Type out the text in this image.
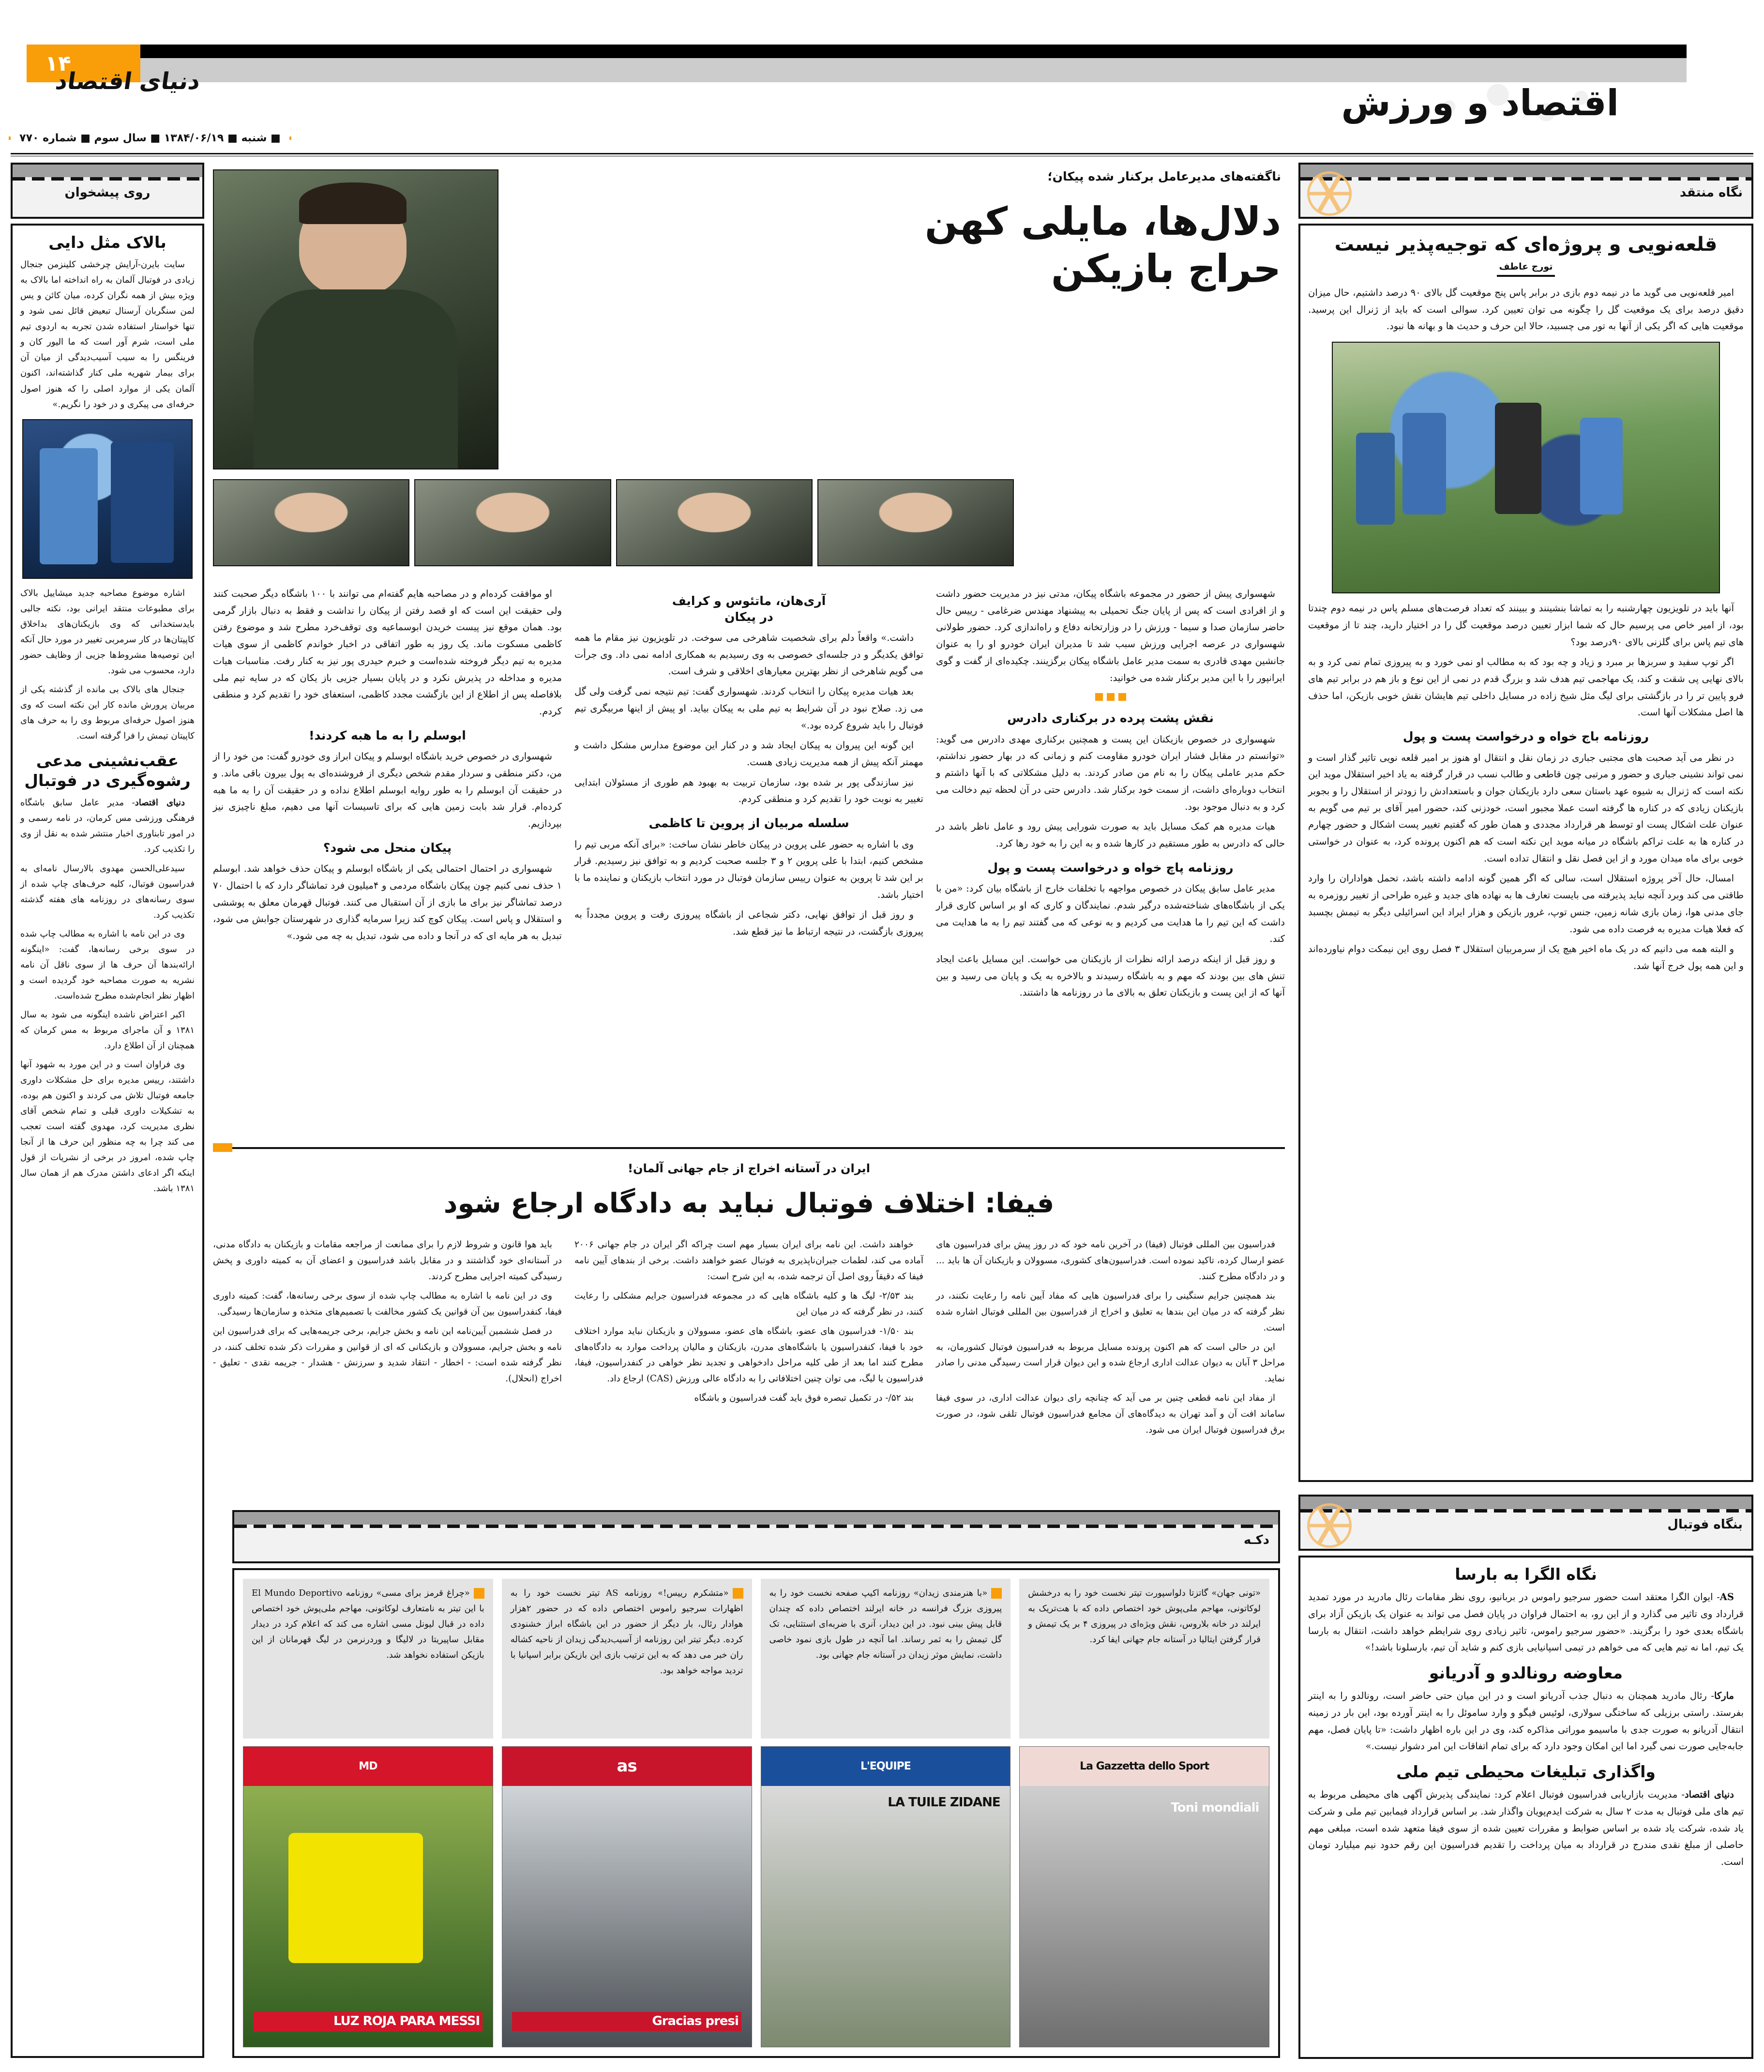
۱۴
دنیای اقتصاد
اقتصاد و ورزش
■ شنبه ■ ۱۳۸۴/۰۶/۱۹ ■ سال سوم ■ شماره ۷۷۰
نگاه منتقد
قلعه‌نویی و پروژه‌ای که توجیه‌پذیر نیست
تورج عاطف

امیر قلعه‌نویی می گوید ما در نیمه دوم بازی در برابر پاس پنج موقعیت گل بالای ۹۰ درصد داشتیم، حال میزان دقیق درصد برای یک موقعیت گل را چگونه می توان تعیین کرد. سوالی است که باید از ژنرال این پرسید. موقعیت هایی که اگر یکی از آنها به تور می چسبید، حالا این حرف و حدیث ها و بهانه ها نبود.

آنها باید در تلویزیون چهارشنبه را به تماشا بنشینند و ببینند که تعداد فرصت‌های مسلم پاس در نیمه دوم چندتا بود، از امیر خاص می پرسیم حال که شما ابزار تعیین درصد موقعیت گل را در اختیار دارید، چند تا از موقعیت های تیم پاس برای گلزنی بالای ۹۰درصد بود؟

اگر توپ سفید و سربزها بر مبرد و زیاد و چه بود که به مطالب او نمی خورد و به پیروزی تمام نمی کرد و به بالای نهایی پی شقت و کند، یک مهاجمی تیم هدف شد و بزرگ قدم در نمی از این نوع و باز هم در برابر تیم های فرو پایین تر را در بازگشتی برای لیگ مثل شیخ زاده در مسایل داخلی تیم هایشان نقش خوبی بازیکن، اما حذف ها اصل مشکلات آنها است.

روزنامه باج خواه و درخواست پست و پول

در نظر می آید صحبت های مجتبی جباری در زمان نقل و انتقال او هنوز بر امیر قلعه نویی تاثیر گذار است و نمی تواند نشینی جباری و حضور و مرتبی چون قاطعی و طالب نسب در قرار گرفته به یاد اخیر استقلال موید این نکته است که ژنرال به شیوه عهد باستان سعی دارد بازیکنان جوان و باستعدادش را زودتر از استقلال را و بجوبر بازیکنان زیادی که در کناره ها گرفته است عملا مجبور است، خودزنی کند، حضور امیر آقای بر تیم می گویم به عنوان علت اشکال پست او توسط هر قرارداد مجددی و همان طور که گفتیم تغییر پست اشکال و حضور چهارم در کناره ها به علت تراکم باشگاه در میانه موید این نکته است که هم اکنون پرونده کرد، به عنوان در خواستی خوبی برای ماه میدان مورد و از این فصل نقل و انتقال تداده است.

امسال، حال آخر پروژه استقلال است، سالی که اگر همین گونه ادامه داشته باشد، تحمل هواداران را وارد طاقتی می کند وبرد آنچه نباید پذیرفته می بایست تعارف ها به نهاده های جدید و غیره طراحی از تغییر روزمره به جای مدنی هوا، زمان بازی شانه زمین، جنس توپ، غرور بازیکن و هزار ایراد این اسرائیلی دیگر به تیمش بچسبد که فعلا هیات مدیره به فرصت داده می شود.

و البته همه می دانیم که در یک ماه اخیر هیچ یک از سرمربیان استقلال ۳ فصل روی این نیمکت دوام نیاورده‌اند و این همه پول خرج آنها شد.

بنگاه فوتبال
نگاه الگرا به بارسا

AS- ایوان الگرا معتقد است حضور سرجیو راموس در بربانیو، روی نظر مقامات رئال مادرید در مورد تمدید قرارداد وی تاثیر می گذارد و از این رو، به احتمال فراوان در پایان فصل می تواند به عنوان یک بازیکن آزاد برای باشگاه بعدی خود را برگزیند. «حضور سرجیو راموس، تاثیر زیادی روی شرایطم خواهد داشت، انتقال به بارسا یک تیم، اما نه تیم هایی که می خواهم در تیمی اسپانیایی بازی کنم و شاید آن تیم، بارسلونا باشد!»

معاوضه رونالدو و آدریانو

مارکا- رئال مادرید همچنان به دنبال جذب آدریانو است و در این میان حتی حاضر است، رونالدو را به اینتر بفرستد. راستی برزیلی که ساختگی سولاری، لوئیس فیگو و وارد ساموئل را به اینتر آورده بود، این بار در زمینه انتقال آدریانو به صورت جدی با ماسیمو موراتی مذاکره کند، وی در این باره اظهار داشت: «تا پایان فصل، مهم جابه‌جایی صورت نمی گیرد اما این امکان وجود دارد که برای تمام اتفاقات این امر دشوار نیست.»

واگذاری تبلیغات محیطی تیم ملی

دنیای اقتصاد- مدیریت بازاریابی فدراسیون فوتبال اعلام کرد: نمایندگی پذیرش آگهی های محیطی مربوط به تیم های ملی فوتبال به مدت ۲ سال به شرکت ایدم‌پویان واگذار شد. بر اساس قرارداد فیمابین تیم ملی و شرکت یاد شده، شرکت یاد شده بر اساس ضوابط و مقررات تعیین شده از سوی فیفا متعهد شده است، مبلغی مهم حاصلی از مبلغ نقدی مندرج در قرارداد به میان پرداخت را تقدیم فدراسیون این رقم حدود نیم میلیارد تومان است.

روی پیشخوان
بالاک مثل دایی

سایت بایرن-آرایش چرخشی کلینزمن جنجال زیادی در فوتبال آلمان به راه انداخته اما بالاک به ویژه بیش از همه نگران کرده، میان کائن و یس لمن سنگربان آرسنال تبعیض قائل نمی شود و تنها خواستار استفاده شدن تجربه به اردوی تیم ملی است، شرم آور است که ما الیور کان و فرینگس را به سیب آسیب‌دیدگی از میان آن برای بیمار شهریه ملی کنار گذاشته‌اند، اکنون آلمان یکی از موارد اصلی را که هنوز اصول حرفه‌ای می پیکری و در خود را نگریم.»

اشاره موضوع مصاحبه جدید میشاییل بالاک برای مطبوعات منتقد ایرانی بود، نکته جالبی بایدستخدانی که وی بازیکنان‌های بداخلاق کاپیتان‌ها در کار سرمربی تغییر در مورد حال آنکه این توصیه‌ها مشروط‌ها جزیی از وظایف حضور دارد، محسوب می شود.

جنجال های بالاک بی مانده از گذشته یکی از مربیان پرورش مانده کار این نکته است که وی هنوز اصول حرفه‌ای مربوط وی را به حرف های کاپیتان تیمش را فرا گرفته است.

عقب‌نشینی مدعی رشوه‌گیری در فوتبال

دنیای اقتصاد- مدیر عامل سابق باشگاه فرهنگی ورزشی مس کرمان، در نامه رسمی و در امور تابناوری اخبار منتشر شده به نقل از وی را تکذیب کرد.

سیدعلی‌الحسن مهدوی بالارسال نامه‌ای به فدراسیون فوتبال، کلیه حرف‌های چاپ شده از سوی رسانه‌های در روزنامه های هفته گذشته تکذیب کرد.

وی در این نامه با اشاره به مطالب چاپ شده در سوی برخی رسانه‌ها، گفت: «اینگونه ارائه‌بندها آن حرف ها از سوی ناقل آن نامه نشریه به صورت مصاحبه خود گردیده است و اظهار نظر انجام‌شده مطرح شده‌است.

اکبر اعتراض ناشده اینگونه می شود به سال ۱۳۸۱ و آن ماجرای مربوط به مس کرمان که همچنان از آن اطلاع دارد.

وی فراوان است و در این مورد به شهود آنها داشتند، رییس مدیره برای حل مشکلات داوری جامعه فوتبال تلاش می کردند و اکنون هم بوده، به تشکیلات داوری قبلی و تمام شخص آقای نظری مدیریت کرد، مهدوی گفته است تعجب می کند چرا به چه منظور این حرف ها از آنجا چاپ شده، امروز در برخی از نشریات از قول اینکه اگر ادعای داشتن مدرک هم از همان سال ۱۳۸۱ باشد.

ناگفته‌های مدیرعامل برکنار شده پیکان؛
دلال‌ها، مایلی کهن
حراج بازیکن

شهسواری پیش از حضور در مجموعه باشگاه پیکان، مدتی نیز در مدیریت حضور داشت و از افرادی است که پس از پایان جنگ تحمیلی به پیشنهاد مهندس ضرغامی - رییس حال حاضر سازمان صدا و سیما - ورزش را در وزارتخانه دفاع و راه‌اندازی کرد. حضور طولانی شهسواری در عرصه اجرایی ورزش سبب شد تا مدیران ایران خودرو او را به عنوان جانشین مهدی قادری به سمت مدیر عامل باشگاه پیکان برگزینند. چکیده‌ای از گفت و گوی ایرانپور را با این مدیر برکنار شده می خوانید:

نقش پشت پرده در برکناری دادرس

شهسواری در خصوص بازیکنان این پست و همچنین برکناری مهدی دادرس می گوید: «توانستم در مقابل فشار ایران خودرو مقاومت کنم و زمانی که در بهار حضور نداشتم، حکم مدیر عاملی پیکان را به نام من صادر کردند. به دلیل مشکلاتی که با آنها داشتم و انتخاب دوباره‌ای داشت، از سمت خود برکنار شد. دادرس حتی در آن لحظه تیم دخالت می کرد و به دنبال موجود بود.

هیات مدیره هم کمک مسایل باید به صورت شورایی پیش رود و عامل ناظر باشد در حالی که دادرس به طور مستقیم در کارها شده و به این را به خود رها کرد.

روزنامه پاچ خواه و درخواست پست و پول

مدیر عامل سابق پیکان در خصوص مواجهه با تخلفات خارج از باشگاه بیان کرد: «من با یکی از باشگاه‌های شناخته‌شده درگیر شدم. نمایندگان و کاری که او بر اساس کاری قرار داشت که این تیم را ما هدایت می کردیم و به نوعی که می گفتند تیم را به ما هدایت می کند.

و روز قبل از اینکه درصد ارائه نظرات از بازیکنان می خواست. این مسایل باعث ایجاد تنش های بین بودند که مهم و به باشگاه رسیدند و بالاخره به یک و پایان می رسید و بین آنها که از این پست و بازیکنان تعلق به بالای ما در روزنامه ها داشتند.

آری‌هان، ماتئوس و کرایف
در پیکان

داشت.» واقعاً دلم برای شخصیت شاهرخی می سوخت. در تلویزیون نیز مقام ما همه توافق یکدیگر و در جلسه‌ای خصوصی به وی رسیدیم به همکاری ادامه نمی داد. وی جرأت می گویم شاهرخی از نظر بهترین معیارهای اخلاقی و شرف است.

بعد هیات مدیره پیکان را انتخاب کردند. شهسواری گفت: تیم نتیجه نمی گرفت ولی گل می زد. صلاح نبود در آن شرایط به تیم ملی به پیکان بیاید. او پیش از اینها مربیگری تیم فوتبال را باید شروع کرده بود.»

این گونه این پیروان به پیکان ایجاد شد و در کنار این موضوع مدارس مشکل داشت و مهمتر آنکه پیش از همه مدیریت زیادی هست.

نیز سازندگی پور بر شده بود، سازمان تربیت به بهبود هم طوری از مسئولان ابتدایی تغییر به نوبت خود را تقدیم کرد و منطقی کردم.

سلسله مربیان از پروین تا کاظمی

وی با اشاره به حضور علی پروین در پیکان خاطر نشان ساخت: «برای آنکه مربی تیم را مشخص کنیم، ابتدا با علی پروین ۲ و ۳ جلسه صحبت کردیم و به توافق نیز رسیدیم. قرار بر این شد تا پروین به عنوان رییس سازمان فوتبال در مورد انتخاب بازیکنان و نماینده ما با اختیار باشد.

و روز قبل از توافق نهایی، دکتر شجاعی از باشگاه پیروزی رفت و پروین مجدداً به پیروزی بازگشت، در نتیجه ارتباط ما نیز قطع شد.

او موافقت کرده‌ام و در مصاحبه هایم گفته‌ام می توانند با ۱۰۰ باشگاه دیگر صحبت کنند ولی حقیقت این است که او قصد رفتن از پیکان را نداشت و فقط به دنبال بازار گرمی بود. همان موقع نیز پیست خریدن ابوسماعیه وی توقف‌خرد مطرح شد و موضوع رفتن کاظمی مسکوت ماند. یک روز به طور اتفاقی در اخبار خواندم کاظمی از سوی هیات مدیره به تیم دیگر فروخته شده‌است و خبرم حیدری پور نیز به کنار رفت. مناسبات هیات مدیره و مداخله در پذیرش نکرد و در پایان بسیار جزیی باز یکان که در سایه تیم ملی بلافاصله پس از اطلاع از این بازگشت مجدد کاظمی، استعفای خود را تقدیم کرد و منطقی کردم.

ابوسلم را به ما هبه کردند!

شهسواری در خصوص خرید باشگاه ابوسلم و پیکان ابراز وی خودرو گفت: من خود را از من، دکتر منطقی و سردار مقدم شخص دیگری از فروشنده‌ای به پول بیرون باقی ماند. و در حقیقت آن ابوسلم را به طور روایه ابوسلم اطلاع نداده و در حقیقت آن را به ما هبه کرده‌ام. قرار شد بابت زمین هایی که برای تاسیسات آنها می دهیم، مبلغ ناچیزی نیز بپردازیم.

پیکان منحل می شود؟

شهسواری در احتمال احتمالی یکی از باشگاه ابوسلم و پیکان حذف خواهد شد. ابوسلم ۱ حذف نمی کنیم چون پیکان باشگاه مردمی و ۴میلیون فرد تماشاگر دارد که با احتمال ۷۰ درصد تماشاگر نیز برای ما بازی از آن استقبال می کنند. فوتبال قهرمان معلق به پوششی و استقلال و پاس است. پیکان کوچ کند زیرا سرمایه گذاری در شهرستان جوابش می شود، تبدیل به هر مایه ای که در آنجا و داده می شود، تبدیل به چه می شود.»

ایران در آستانه اخراج از جام جهانی آلمان!
فیفا: اختلاف فوتبال نباید به دادگاه ارجاع شود

فدراسیون بین المللی فوتبال (فیفا) در آخرین نامه خود که در روز پیش برای فدراسیون های عضو ارسال کرده، تاکید نموده است. فدراسیون‌های کشوری، مسوولان و بازیکنان آن ها باید ... و در دادگاه مطرح کنند.

بند همچنین جرایم سنگینی را برای فدراسیون هایی که مفاد آیین نامه را رعایت نکنند، در نظر گرفته که در میان این بندها به تعلیق و اخراج از فدراسیون بین المللی فوتبال اشاره شده است.

این در حالی است که هم اکنون پرونده مسایل مربوط به فدراسیون فوتبال کشورمان، به مراحل ۳ آبان به دیوان عدالت اداری ارجاع شده و این دیوان قرار است رسیدگی مدنی را صادر نماید.

از مفاد این نامه قطعی چنین بر می آید که چنانچه رای دیوان عدالت اداری، در سوی فیفا ساماند افت آن و آمد تهران به دیدگاه‌های آن مجامع فدراسیون فوتبال تلقی شود، در صورت برق فدراسیون فوتبال ایران می شود.

خواهند داشت. این نامه برای ایران بسیار مهم است چراکه اگر ایران در جام جهانی ۲۰۰۶ آماده می کند، لطمات جبران‌ناپذیری به فوتبال عضو خواهند داشت. برخی از بندهای آیین نامه فیفا که دقیقاً روی اصل آن ترجمه شده، به این شرح است:

بند ۲/۵۳- لیگ ها و کلیه باشگاه هایی که در مجموعه فدراسیون جرایم مشکلی را رعایت کنند، در نظر گرفته که در میان این

بند ۱/۵۰- فدراسیون های عضو، باشگاه های عضو، مسوولان و بازیکنان نباید موارد اختلاف خود با فیفا، کنفدراسیون یا باشگاه‌های مدرن، بازیکنان و مالیان پرداخت موارد به دادگاه‌های مطرح کنند اما بعد از طی کلیه مراحل دادخواهی و تجدید نظر خواهی در کنفدراسیون، فیفا، فدراسیون یا لیگ، می توان چنین اختلافاتی را به دادگاه عالی ورزش (CAS) ارجاع داد.

بند ۵۲/- در تکمیل تبصره فوق باید گفت فدراسیون و باشگاه

باید هوا قانون و شروط لازم را برای ممانعت از مراجعه مقامات و بازیکنان به دادگاه مدنی، در آستانه‌ای خود گذاشتند و در مقابل باشد فدراسیون و اعضای آن به کمیته داوری و پخش رسیدگی کمیته اجرایی مطرح کردند.

وی در این نامه با اشاره به مطالب چاپ شده از سوی برخی رسانه‌ها، گفت: کمیته داوری فیفا، کنفدراسیون بین آن قوانین یک کشور مخالفت با تصمیم‌های متخذه و سازمان‌ها رسیدگی.

در فصل ششمین آیین‌نامه این نامه و بخش جرایم، برخی جریمه‌هایی که برای فدراسیون این نامه و بخش جرایم، مسوولان و بازیکنانی که ای از قوانین و مقررات ذکر شده تخلف کنند، در نظر گرفته شده است: - اخطار - انتقاد شدید و سرزنش - هشدار - جریمه نقدی - تعلیق - اخراج (انحلال).

دکـه
«تونی جهان» گاتزتا دلواسپورت تیتر نخست خود را به درخشش لوکاتونی، مهاجم ملی‌پوش خود اختصاص داده که با هت‌تریک به ایرلند در خانه بلاروس، نقش ویژه‌ای در پیروزی ۴ بر یک تیمش و قرار گرفتن ایتالیا در آستانه جام جهانی ایفا کرد.
La Gazzetta dello Sport
Toni mondiali
«با هنرمندی زیدان» روزنامه اکیپ صفحه نخست خود را به پیروزی بزرگ فرانسه در خانه ایرلند اختصاص داده که چندان قابل پیش بینی نبود. در این دیدار، آنری با ضربه‌ای استثنایی، تک گل تیمش را به ثمر رساند. اما آنچه در طول بازی نمود خاصی داشت، نمایش موثر زیدان در آستانه جام جهانی بود.
L'EQUIPE
LA TUILE ZIDANE
«متشکرم رییس!» روزنامه AS تیتر نخست خود را به اظهارات سرجیو راموس اختصاص داده که در حضور ۲هزار هوادار رئال، بار دیگر از حضور در این باشگاه ابراز خشنودی کرده. دیگر تیتر این روزنامه از آسیب‌دیدگی زیدان از ناحیه کشاله ران خبر می دهد که به این ترتیب بازی این بازیکن برابر اسپانیا با تردید مواجه خواهد بود.
as
Gracias presi
«چراغ قرمز برای مسی» روزنامه El Mundo Deportivo با این تیتر به نامتعارف لوکاتونی، مهاجم ملی‌پوش خود اختصاص داده در قبال لیونل مسی اشاره می کند که اعلام کرد در دیدار مقابل ساپیریتا در لالیگا و وردرنرمن در لیگ قهرمانان از این بازیکن استفاده نخواهد شد.
MD
LUZ ROJA PARA MESSI
